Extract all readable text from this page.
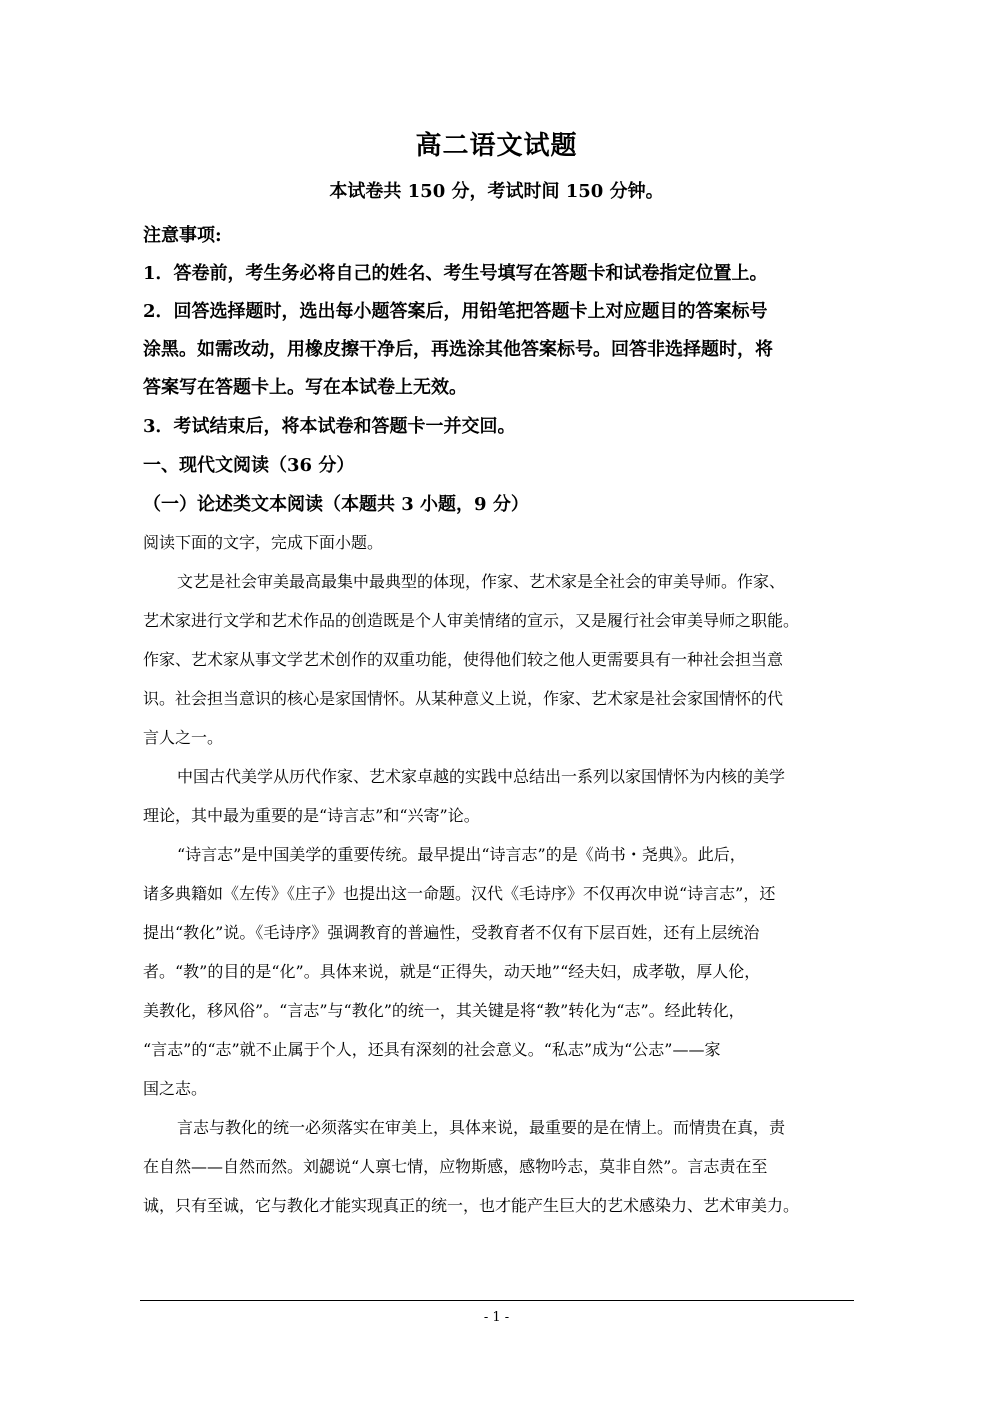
高二语文试题
本试卷共 150 分，考试时间 150 分钟。
注意事项:
1．答卷前，考生务必将自己的姓名、考生号填写在答题卡和试卷指定位置上。
2．回答选择题时，选出每小题答案后，用铅笔把答题卡上对应题目的答案标号
涂黑。如需改动，用橡皮擦干净后，再选涂其他答案标号。回答非选择题时，将
答案写在答题卡上。写在本试卷上无效。
3．考试结束后，将本试卷和答题卡一并交回。
一、现代文阅读（36 分）
（一）论述类文本阅读（本题共 3 小题，9 分）
阅读下面的文字，完成下面小题。
文艺是社会审美最高最集中最典型的体现，作家、艺术家是全社会的审美导师。作家、
艺术家进行文学和艺术作品的创造既是个人审美情绪的宣示，又是履行社会审美导师之职能。
作家、艺术家从事文学艺术创作的双重功能，使得他们较之他人更需要具有一种社会担当意
识。社会担当意识的核心是家国情怀。从某种意义上说，作家、艺术家是社会家国情怀的代
言人之一。
中国古代美学从历代作家、艺术家卓越的实践中总结出一系列以家国情怀为内核的美学
理论，其中最为重要的是“诗言志”和“兴寄”论。
“诗言志”是中国美学的重要传统。最早提出“诗言志”的是《尚书・尧典》。此后，
诸多典籍如《左传》《庄子》也提出这一命题。汉代《毛诗序》不仅再次申说“诗言志”，还
提出“教化”说。《毛诗序》强调教育的普遍性，受教育者不仅有下层百姓，还有上层统治
者。“教”的目的是“化”。具体来说，就是“正得失，动天地”“经夫妇，成孝敬，厚人伦，
美教化，移风俗”。“言志”与“教化”的统一，其关键是将“教”转化为“志”。经此转化，
“言志”的“志”就不止属于个人，还具有深刻的社会意义。“私志”成为“公志”——家
国之志。
言志与教化的统一必须落实在审美上，具体来说，最重要的是在情上。而情贵在真，责
在自然——自然而然。刘勰说“人禀七情，应物斯感，感物吟志，莫非自然”。言志责在至
诚，只有至诚，它与教化才能实现真正的统一，也才能产生巨大的艺术感染力、艺术审美力。
- 1 -
